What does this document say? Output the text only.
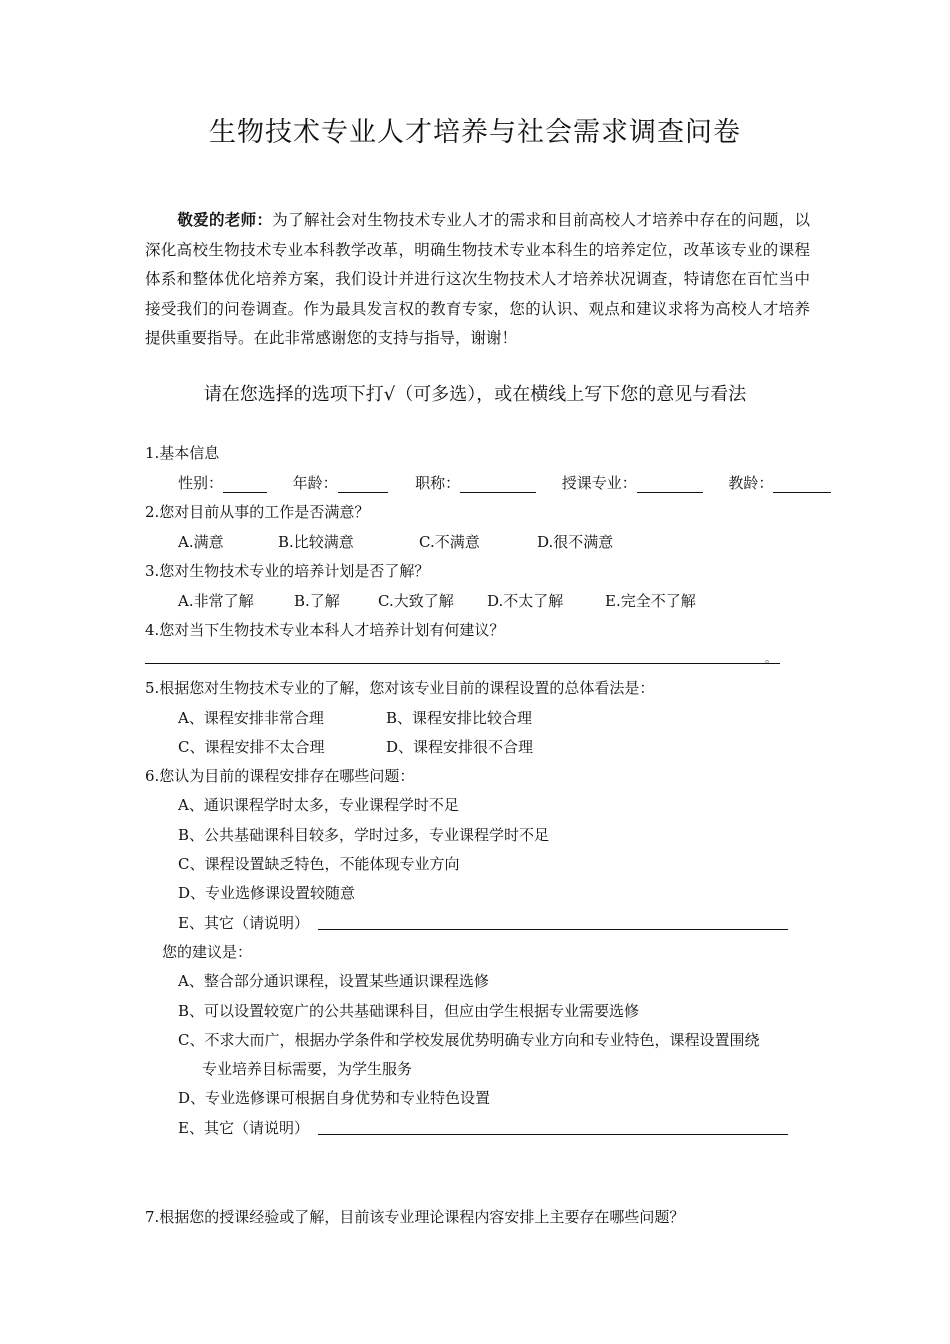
生物技术专业人才培养与社会需求调查问卷
敬爱的老师：为了解社会对生物技术专业人才的需求和目前高校人才培养中存在的问题，以深化高校生物技术专业本科教学改革，明确生物技术专业本科生的培养定位，改革该专业的课程体系和整体优化培养方案，我们设计并进行这次生物技术人才培养状况调查，特请您在百忙当中接受我们的问卷调查。作为最具发言权的教育专家，您的认识、观点和建议求将为高校人才培养提供重要指导。在此非常感谢您的支持与指导，谢谢！
请在您选择的选项下打√（可多选），或在横线上写下您的意见与看法
1.基本信息
性别：	年龄：	职称：	授课专业：	教龄：
2.您对目前从事的工作是否满意？
A.满意	B.比较满意	C.不满意	D.很不满意
3.您对生物技术专业的培养计划是否了解？
A.非常了解	B.了解	C.大致了解 D.不太了解	E.完全不了解
4.您对当下生物技术专业本科人才培养计划有何建议？
。
5.根据您对生物技术专业的了解，您对该专业目前的课程设置的总体看法是：
A、课程安排非常合理	B、课程安排比较合理
C、课程安排不太合理	D、课程安排很不合理
6.您认为目前的课程安排存在哪些问题：
A、通识课程学时太多，专业课程学时不足
B、公共基础课科目较多，学时过多，专业课程学时不足
C、课程设置缺乏特色，不能体现专业方向
D、专业选修课设置较随意
E、其它（请说明）
您的建议是：
A、整合部分通识课程，设置某些通识课程选修
B、可以设置较宽广的公共基础课科目，但应由学生根据专业需要选修
C、不求大而广，根据办学条件和学校发展优势明确专业方向和专业特色，课程设置围绕
专业培养目标需要，为学生服务
D、专业选修课可根据自身优势和专业特色设置
E、其它（请说明）
7.根据您的授课经验或了解，目前该专业理论课程内容安排上主要存在哪些问题？
